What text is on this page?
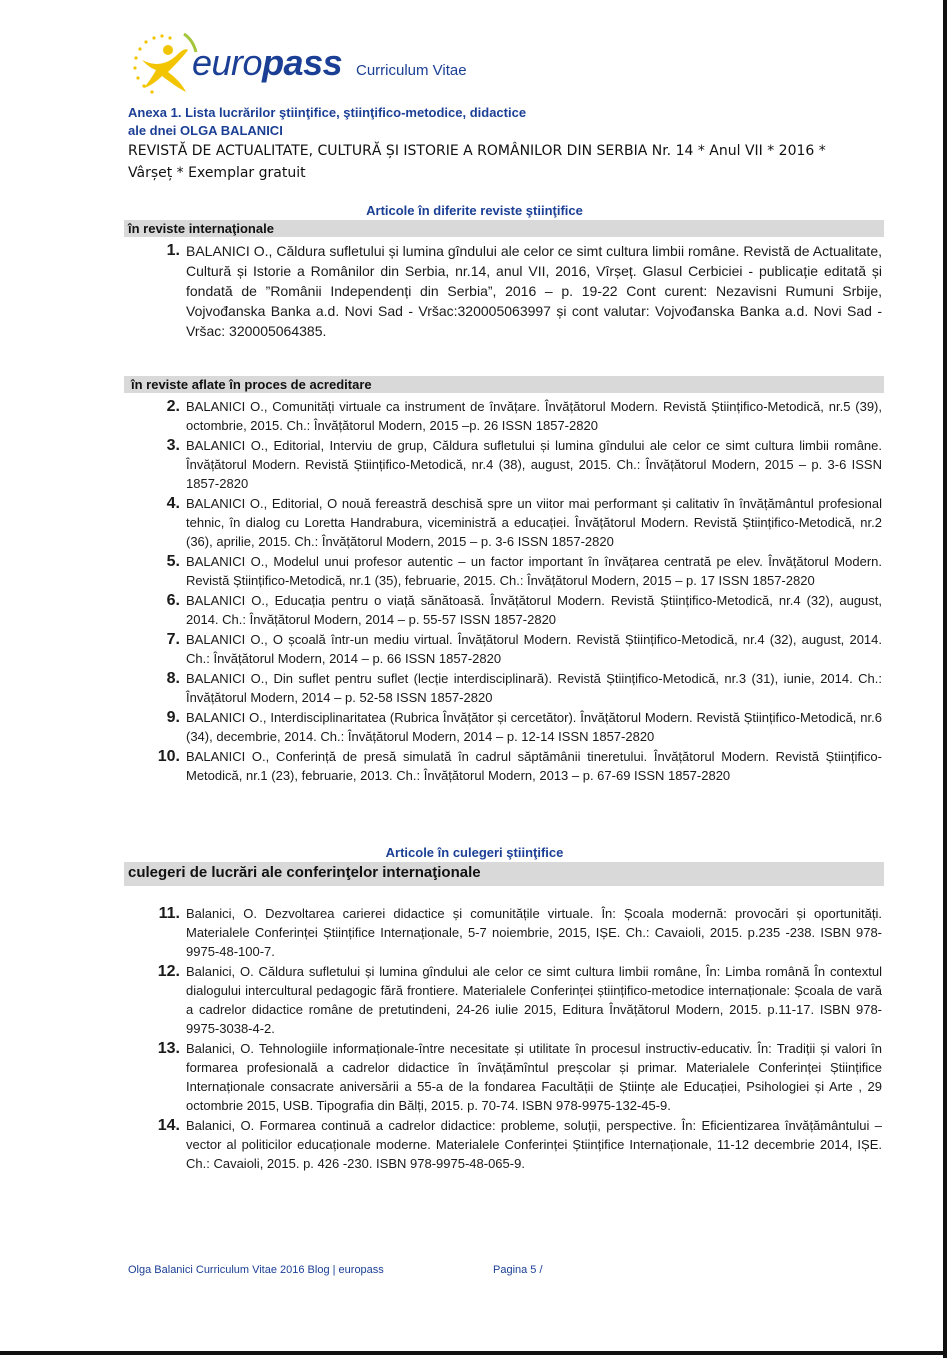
europass Curriculum Vitae
Anexa 1. Lista lucrărilor ştiinţifice, ştiinţifico-metodice, didactice
ale dnei OLGA BALANICI
REVISTĂ DE ACTUALITATE, CULTURĂ ȘI ISTORIE A ROMÂNILOR DIN SERBIA Nr. 14 * Anul VII * 2016 * Vârșeț * Exemplar gratuit
Articole în diferite reviste ştiinţifice
în reviste internaţionale
1. BALANICI O., Căldura sufletului și lumina gîndului ale celor ce simt cultura limbii române. Revistă de Actualitate, Cultură și Istorie a Românilor din Serbia, nr.14, anul VII, 2016, Vîrșeț. Glasul Cerbiciei - publicație editată și fondată de ”Românii Independenți din Serbia”, 2016 – p. 19-22 Cont curent: Nezavisni Rumuni Srbije, Vojvođanska Banka a.d. Novi Sad - Vršac:320005063997 și cont valutar: Vojvođanska Banka a.d. Novi Sad - Vršac: 320005064385.
în reviste aflate în proces de acreditare
2. BALANICI O., Comunități virtuale ca instrument de învățare. Învățătorul Modern. Revistă Științifico-Metodică, nr.5 (39), octombrie, 2015. Ch.: Învățătorul Modern, 2015 –p. 26 ISSN 1857-2820
3. BALANICI O., Editorial, Interviu de grup, Căldura sufletului și lumina gîndului ale celor ce simt cultura limbii române. Învățătorul Modern. Revistă Științifico-Metodică, nr.4 (38), august, 2015. Ch.: Învățătorul Modern, 2015 – p. 3-6 ISSN 1857-2820
4. BALANICI O., Editorial, O nouă fereastră deschisă spre un viitor mai performant și calitativ în învățământul profesional tehnic, în dialog cu Loretta Handrabura, viceministră a educației. Învățătorul Modern. Revistă Științifico-Metodică, nr.2 (36), aprilie, 2015. Ch.: Învățătorul Modern, 2015 – p. 3-6 ISSN 1857-2820
5. BALANICI O., Modelul unui profesor autentic – un factor important în învățarea centrată pe elev. Învățătorul Modern. Revistă Științifico-Metodică, nr.1 (35), februarie, 2015. Ch.: Învățătorul Modern, 2015 – p. 17 ISSN 1857-2820
6. BALANICI O., Educația pentru o viață sănătoasă. Învățătorul Modern. Revistă Științifico-Metodică, nr.4 (32), august, 2014. Ch.: Învățătorul Modern, 2014 – p. 55-57 ISSN 1857-2820
7. BALANICI O., O școală într-un mediu virtual. Învățătorul Modern. Revistă Științifico-Metodică, nr.4 (32), august, 2014. Ch.: Învățătorul Modern, 2014 – p. 66 ISSN 1857-2820
8. BALANICI O., Din suflet pentru suflet (lecție interdisciplinară). Revistă Științifico-Metodică, nr.3 (31), iunie, 2014. Ch.: Învățătorul Modern, 2014 – p. 52-58 ISSN 1857-2820
9. BALANICI O., Interdisciplinaritatea (Rubrica Învățător și cercetător). Învățătorul Modern. Revistă Științifico-Metodică, nr.6 (34), decembrie, 2014. Ch.: Învățătorul Modern, 2014 – p. 12-14 ISSN 1857-2820
10. BALANICI O., Conferință de presă simulată în cadrul săptămânii tineretului. Învățătorul Modern. Revistă Științifico-Metodică, nr.1 (23), februarie, 2013. Ch.: Învățătorul Modern, 2013 – p. 67-69 ISSN 1857-2820
Articole în culegeri ştiinţifice
culegeri de lucrări ale conferinţelor internaţionale
11. Balanici, O. Dezvoltarea carierei didactice și comunitățile virtuale. În: Școala modernă: provocări și oportunități. Materialele Conferinței Științifice Internaționale, 5-7 noiembrie, 2015, IȘE. Ch.: Cavaioli, 2015. p.235 -238. ISBN 978-9975-48-100-7.
12. Balanici, O. Căldura sufletului și lumina gîndului ale celor ce simt cultura limbii române, În: Limba română În contextul dialogului intercultural pedagogic fără frontiere. Materialele Conferinței științifico-metodice internaționale: Școala de vară a cadrelor didactice române de pretutindeni, 24-26 iulie 2015, Editura Învățătorul Modern, 2015. p.11-17. ISBN 978-9975-3038-4-2.
13. Balanici, O. Tehnologiile informaționale-între necesitate și utilitate în procesul instructiv-educativ. În: Tradiții și valori în formarea profesională a cadrelor didactice în învățămîntul preșcolar și primar. Materialele Conferinței Științifice Internaționale consacrate aniversării a 55-a de la fondarea Facultății de Științe ale Educației, Psihologiei și Arte , 29 octombrie 2015, USB. Tipografia din Bălți, 2015. p. 70-74. ISBN 978-9975-132-45-9.
14. Balanici, O. Formarea continuă a cadrelor didactice: probleme, soluții, perspective. În: Eficientizarea învățământului – vector al politicilor educaționale moderne. Materialele Conferinței Științifice Internaționale, 11-12 decembrie 2014, IȘE. Ch.: Cavaioli, 2015. p. 426 -230. ISBN 978-9975-48-065-9.
Olga Balanici Curriculum Vitae 2016 Blog | europass	Pagina 5 /
